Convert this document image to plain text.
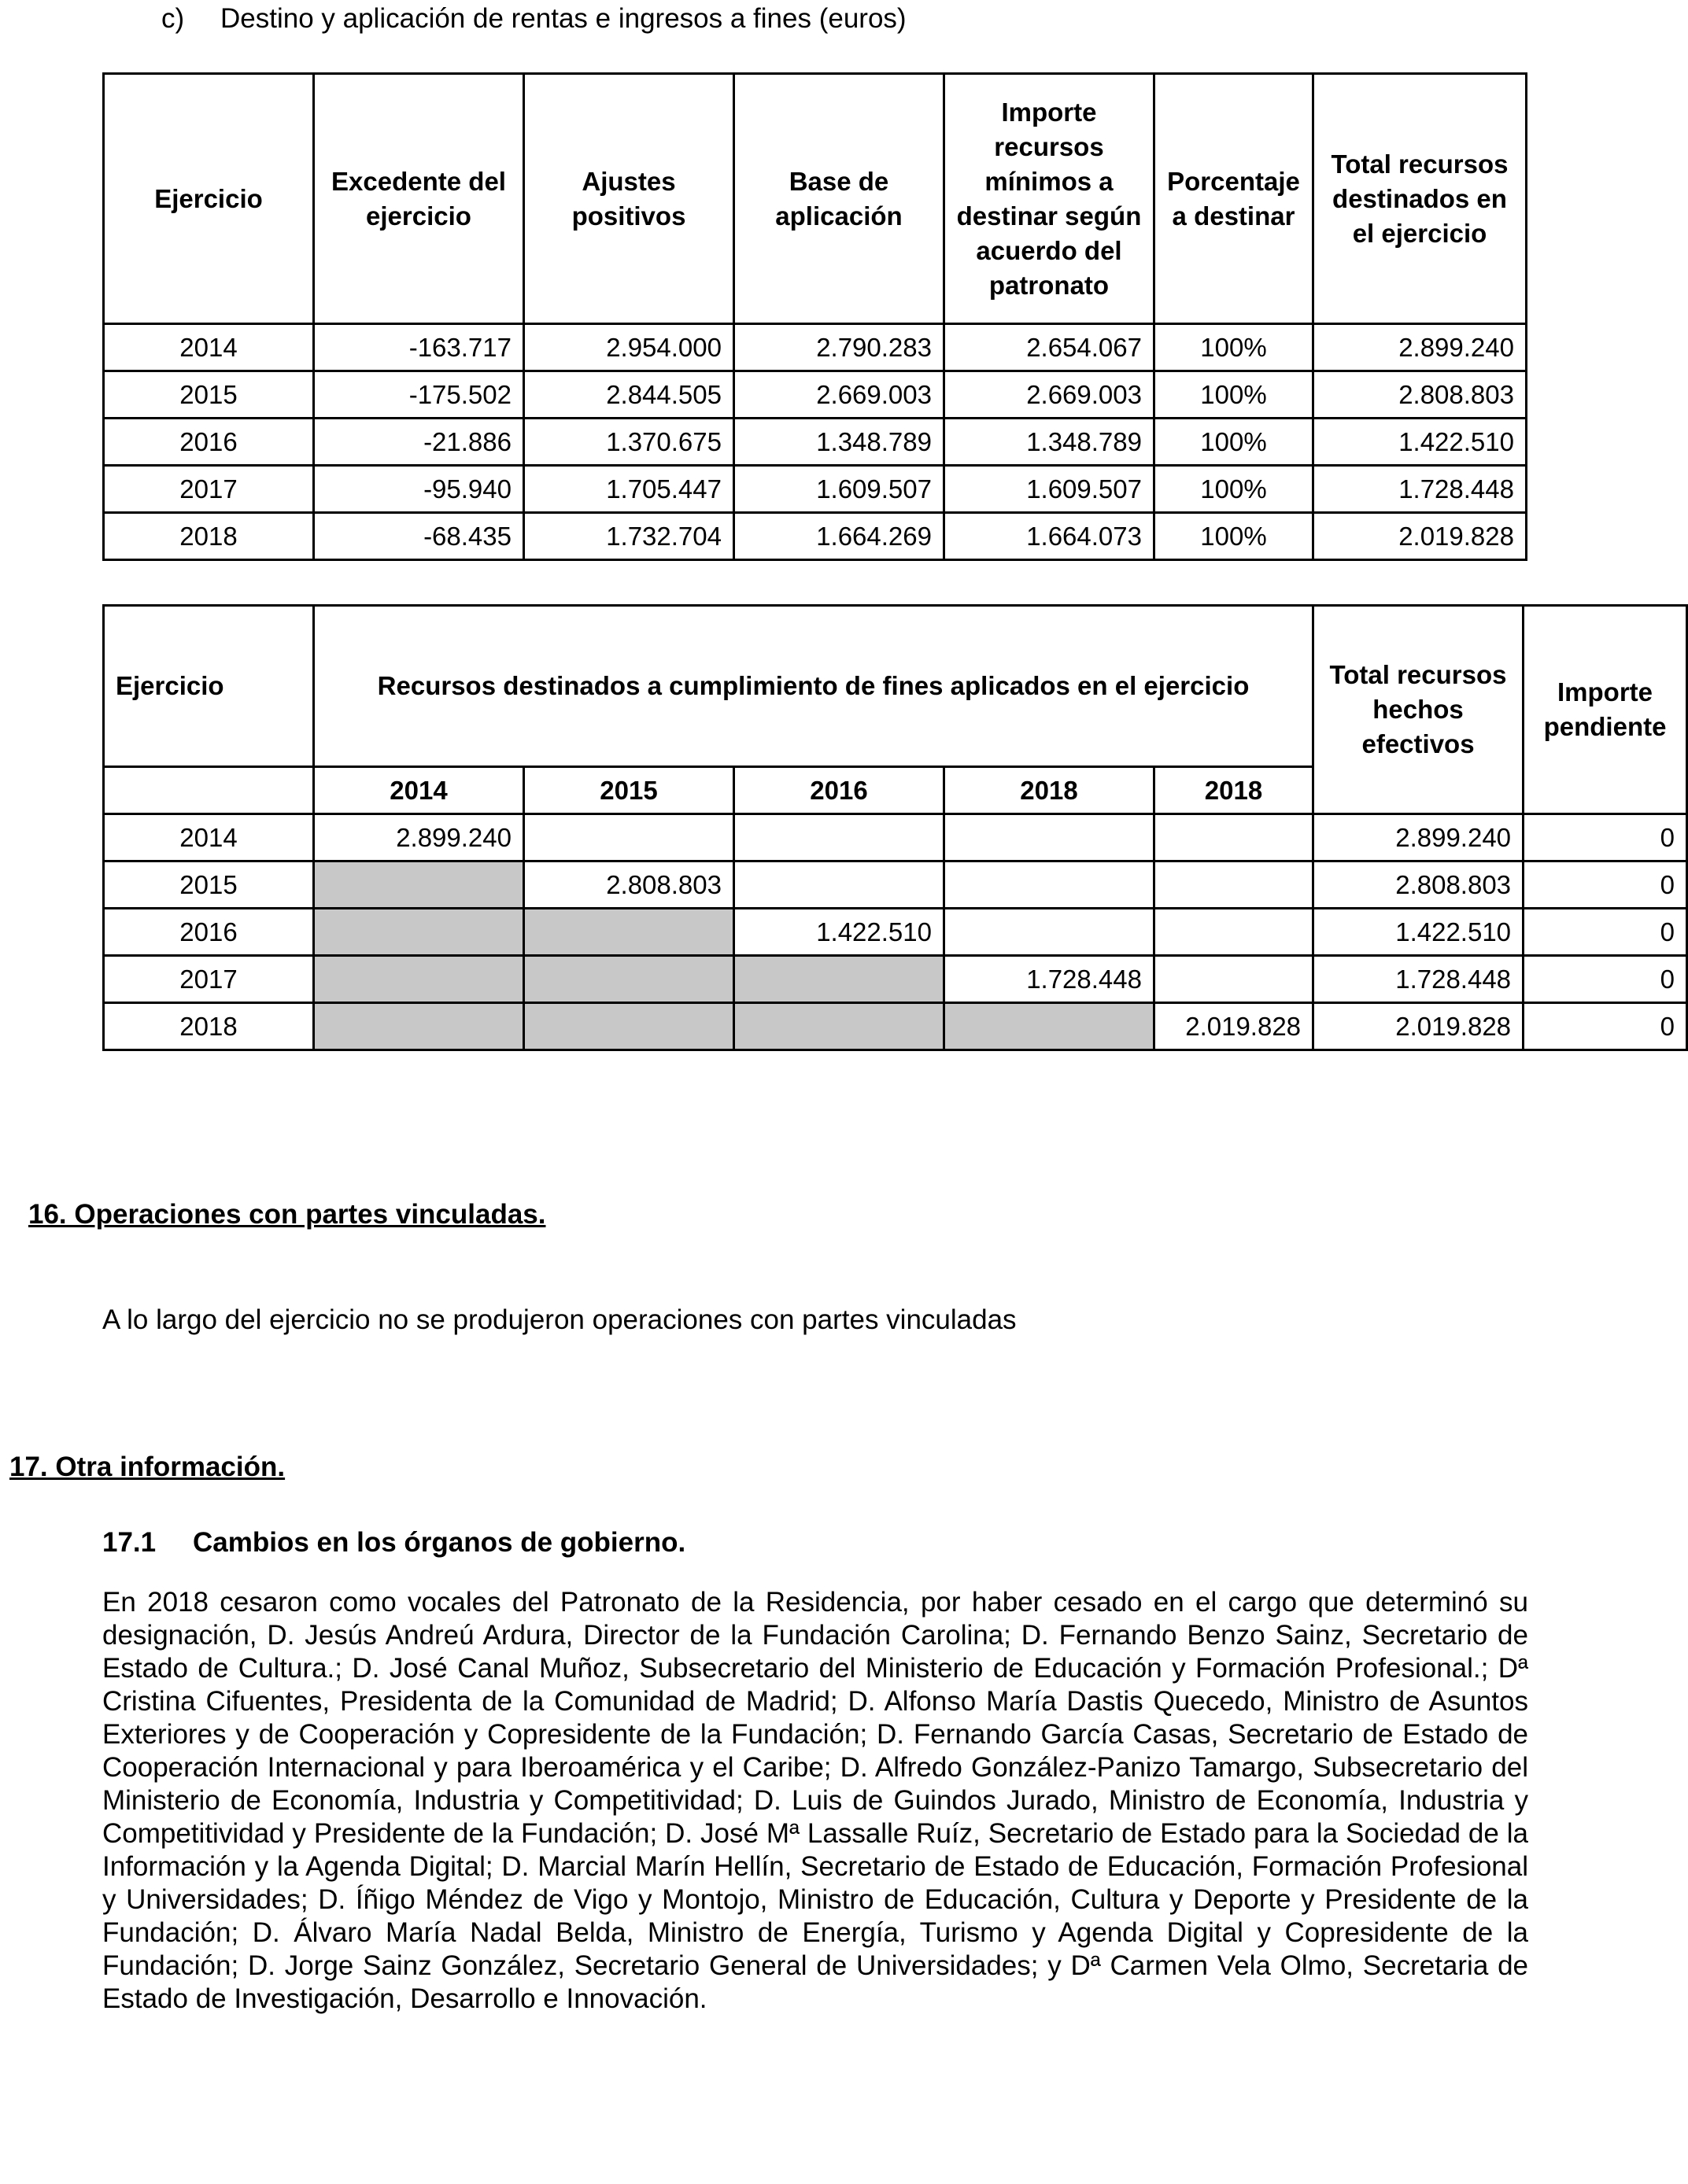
c) Destino y aplicación de rentas e ingresos a fines (euros)
Ejercicio	Excedente del ejercicio	Ajustes positivos	Base de aplicación	Importe recursos mínimos a destinar según acuerdo del patronato	Porcentaje a destinar	Total recursos destinados en el ejercicio
2014	-163.717	2.954.000	2.790.283	2.654.067	100%	2.899.240
2015	-175.502	2.844.505	2.669.003	2.669.003	100%	2.808.803
2016	-21.886	1.370.675	1.348.789	1.348.789	100%	1.422.510
2017	-95.940	1.705.447	1.609.507	1.609.507	100%	1.728.448
2018	-68.435	1.732.704	1.664.269	1.664.073	100%	2.019.828
Ejercicio	Recursos destinados a cumplimiento de fines aplicados en el ejercicio					Total recursos hechos efectivos	Importe pendiente
	2014	2015	2016	2018	2018		
2014	2.899.240					2.899.240	0
2015		2.808.803				2.808.803	0
2016			1.422.510			1.422.510	0
2017				1.728.448		1.728.448	0
2018					2.019.828	2.019.828	0
16. Operaciones con partes vinculadas.
A lo largo del ejercicio no se produjeron operaciones con partes vinculadas
17. Otra información.
17.1 Cambios en los órganos de gobierno.
En 2018 cesaron como vocales del Patronato de la Residencia, por haber cesado en el cargo que determinó su designación, D. Jesús Andreú Ardura, Director de la Fundación Carolina; D. Fernando Benzo Sainz, Secretario de Estado de Cultura.; D. José Canal Muñoz, Subsecretario del Ministerio de Educación y Formación Profesional.; Dª Cristina Cifuentes, Presidenta de la Comunidad de Madrid; D. Alfonso María Dastis Quecedo, Ministro de Asuntos Exteriores y de Cooperación y Copresidente de la Fundación; D. Fernando García Casas, Secretario de Estado de Cooperación Internacional y para Iberoamérica y el Caribe; D. Alfredo González-Panizo Tamargo, Subsecretario del Ministerio de Economía, Industria y Competitividad; D. Luis de Guindos Jurado, Ministro de Economía, Industria y Competitividad y Presidente de la Fundación; D. José Mª Lassalle Ruíz, Secretario de Estado para la Sociedad de la Información y la Agenda Digital; D. Marcial Marín Hellín, Secretario de Estado de Educación, Formación Profesional y Universidades; D. Íñigo Méndez de Vigo y Montojo, Ministro de Educación, Cultura y Deporte y Presidente de la Fundación; D. Álvaro María Nadal Belda, Ministro de Energía, Turismo y Agenda Digital y Copresidente de la Fundación; D. Jorge Sainz González, Secretario General de Universidades; y Dª Carmen Vela Olmo, Secretaria de Estado de Investigación, Desarrollo e Innovación.
